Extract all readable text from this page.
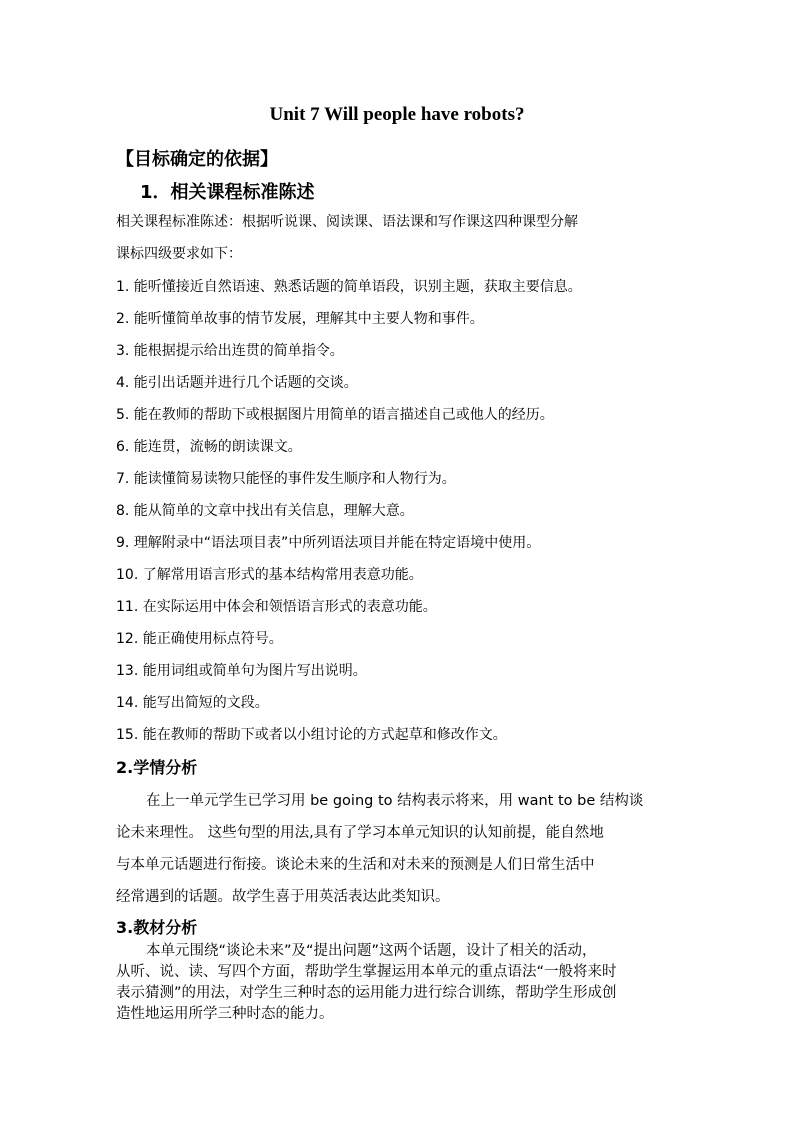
Unit 7 Will people have robots?
【目标确定的依据】
1．相关课程标准陈述
相关课程标准陈述：根据听说课、阅读课、语法课和写作课这四种课型分解
课标四级要求如下：
1. 能听懂接近自然语速、熟悉话题的简单语段，识别主题，获取主要信息。
2. 能听懂简单故事的情节发展，理解其中主要人物和事件。
3. 能根据提示给出连贯的简单指令。
4. 能引出话题并进行几个话题的交谈。
5. 能在教师的帮助下或根据图片用简单的语言描述自己或他人的经历。
6. 能连贯，流畅的朗读课文。
7. 能读懂简易读物只能怪的事件发生顺序和人物行为。
8. 能从简单的文章中找出有关信息，理解大意。
9. 理解附录中“语法项目表”中所列语法项目并能在特定语境中使用。
10. 了解常用语言形式的基本结构常用表意功能。
11. 在实际运用中体会和领悟语言形式的表意功能。
12. 能正确使用标点符号。
13. 能用词组或简单句为图片写出说明。
14. 能写出简短的文段。
15. 能在教师的帮助下或者以小组讨论的方式起草和修改作文。
2.学情分析
在上一单元学生已学习用 be going to 结构表示将来，用 want to be 结构谈
论未来理性。 这些句型的用法,具有了学习本单元知识的认知前提，能自然地
与本单元话题进行衔接。谈论未来的生活和对未来的预测是人们日常生活中
经常遇到的话题。故学生喜于用英活表达此类知识。
3.教材分析
本单元围绕“谈论未来”及“提出问题”这两个话题，设计了相关的活动，
从听、说、读、写四个方面，帮助学生掌握运用本单元的重点语法“一般将来时
表示猜测”的用法，对学生三种时态的运用能力进行综合训练，帮助学生形成创
造性地运用所学三种时态的能力。
